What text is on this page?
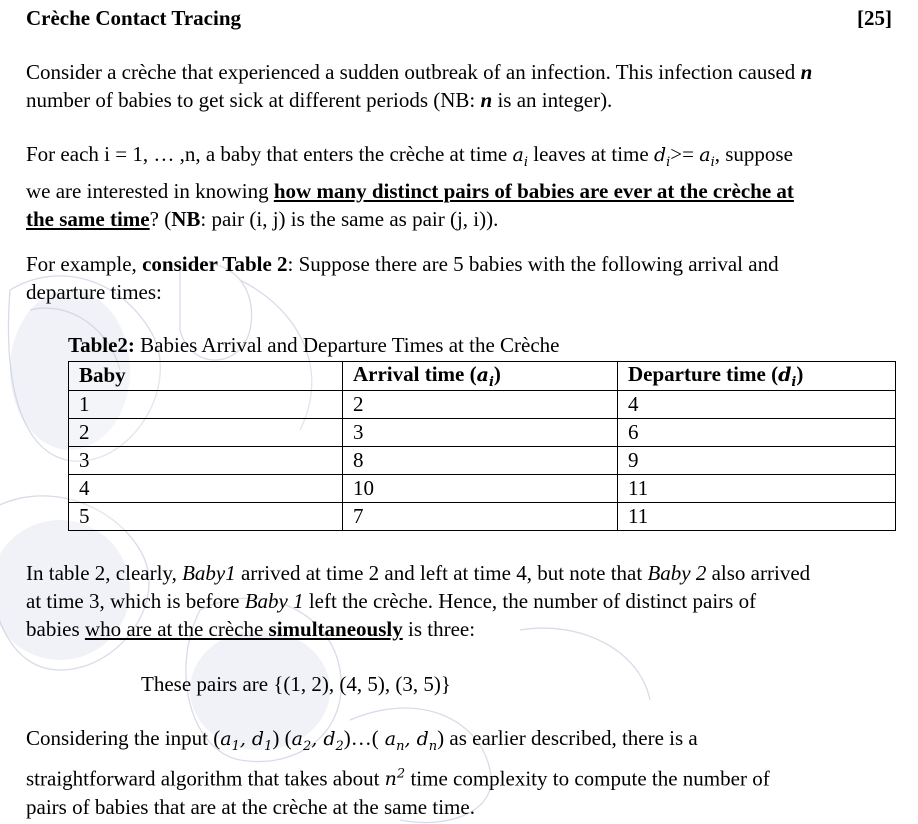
Crèche Contact Tracing	[25]
Consider a crèche that experienced a sudden outbreak of an infection. This infection caused n
number of babies to get sick at different periods (NB: n is an integer).
For each i = 1, … ,n, a baby that enters the crèche at time $a_i$ leaves at time $d_i>= a_i$, suppose
we are interested in knowing how many distinct pairs of babies are ever at the crèche at
the same time? (NB: pair (i, j) is the same as pair (j, i)).
For example, consider Table 2: Suppose there are 5 babies with the following arrival and
departure times:
Table2: Babies Arrival and Departure Times at the Crèche
Baby	Arrival time $(a_i)$	Departure time $(d_i)$
1	2	4
2	3	6
3	8	9
4	10	11
5	7	11
In table 2, clearly, Baby1 arrived at time 2 and left at time 4, but note that Baby 2 also arrived
at time 3, which is before Baby 1 left the crèche. Hence, the number of distinct pairs of
babies who are at the crèche simultaneously is three:
These pairs are {(1, 2), (4, 5), (3, 5)}
Considering the input ($a_1$, $d_1$) ($a_2$, $d_2)\dots$( $a_n$, $d_n$) as earlier described, there is a
straightforward algorithm that takes about $n^2$ time complexity to compute the number of
pairs of babies that are at the crèche at the same time.
